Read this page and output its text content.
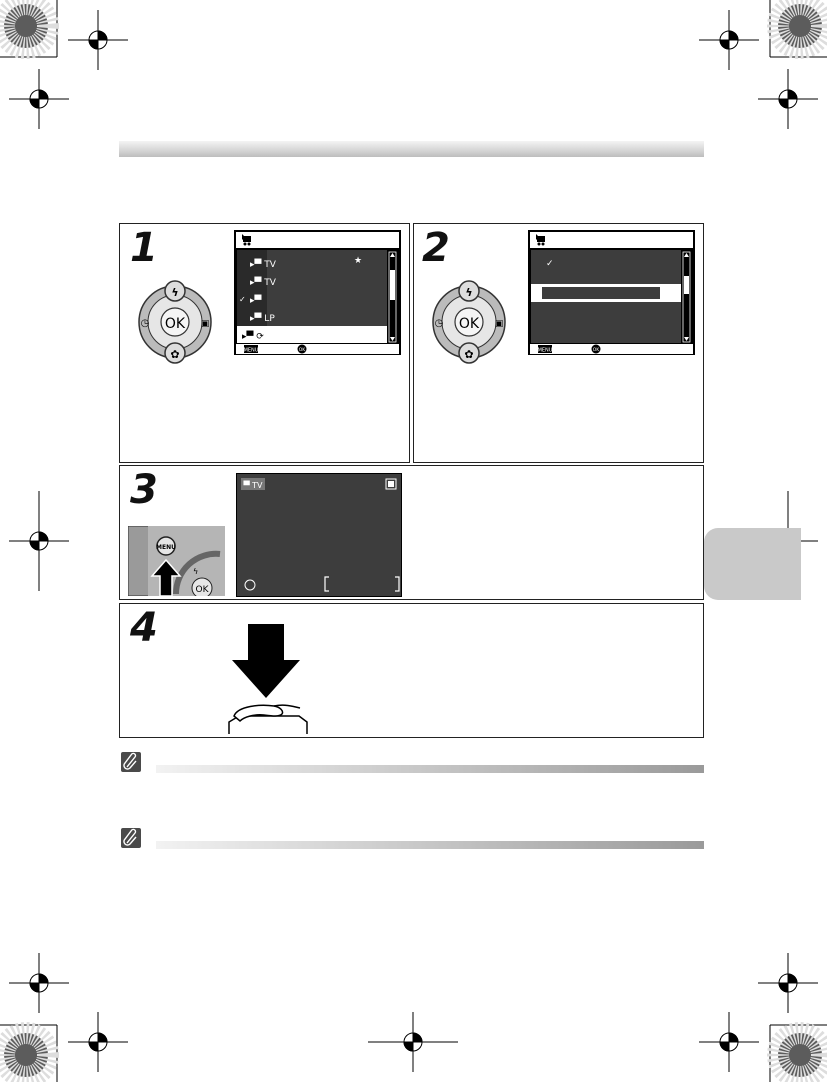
1
OK
ϟ
✿
◷	▣
★
▸▀ TV
▸▀ TV
▸▀
▸▀ LP
✓
▸▀ ⟳
MENU	OK
2
OK
ϟ
✿
◷	▣
✓
MENU	OK
3
MENU
OK
ϟ
▀ TV
4
